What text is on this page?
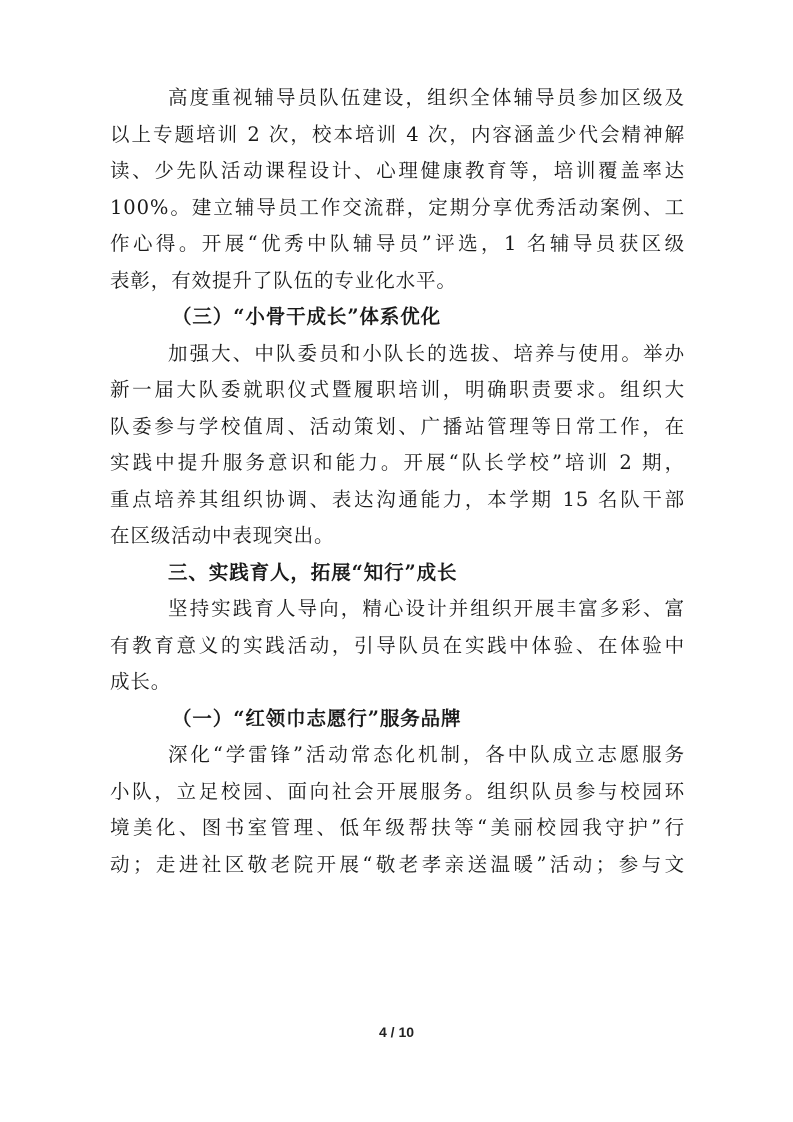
高度重视辅导员队伍建设，组织全体辅导员参加区级及
以上专题培训 2 次，校本培训 4 次，内容涵盖少代会精神解
读、少先队活动课程设计、心理健康教育等，培训覆盖率达
100%。建立辅导员工作交流群，定期分享优秀活动案例、工
作心得。开展“优秀中队辅导员”评选，1 名辅导员获区级
表彰，有效提升了队伍的专业化水平。
（三）“小骨干成长”体系优化
加强大、中队委员和小队长的选拔、培养与使用。举办
新一届大队委就职仪式暨履职培训，明确职责要求。组织大
队委参与学校值周、活动策划、广播站管理等日常工作，在
实践中提升服务意识和能力。开展“队长学校”培训 2 期，
重点培养其组织协调、表达沟通能力，本学期 15 名队干部
在区级活动中表现突出。
三、实践育人，拓展“知行”成长
坚持实践育人导向，精心设计并组织开展丰富多彩、富
有教育意义的实践活动，引导队员在实践中体验、在体验中
成长。
（一）“红领巾志愿行”服务品牌
深化“学雷锋”活动常态化机制，各中队成立志愿服务
小队，立足校园、面向社会开展服务。组织队员参与校园环
境美化、图书室管理、低年级帮扶等“美丽校园我守护”行
动；走进社区敬老院开展“敬老孝亲送温暖”活动；参与文
4 / 10
